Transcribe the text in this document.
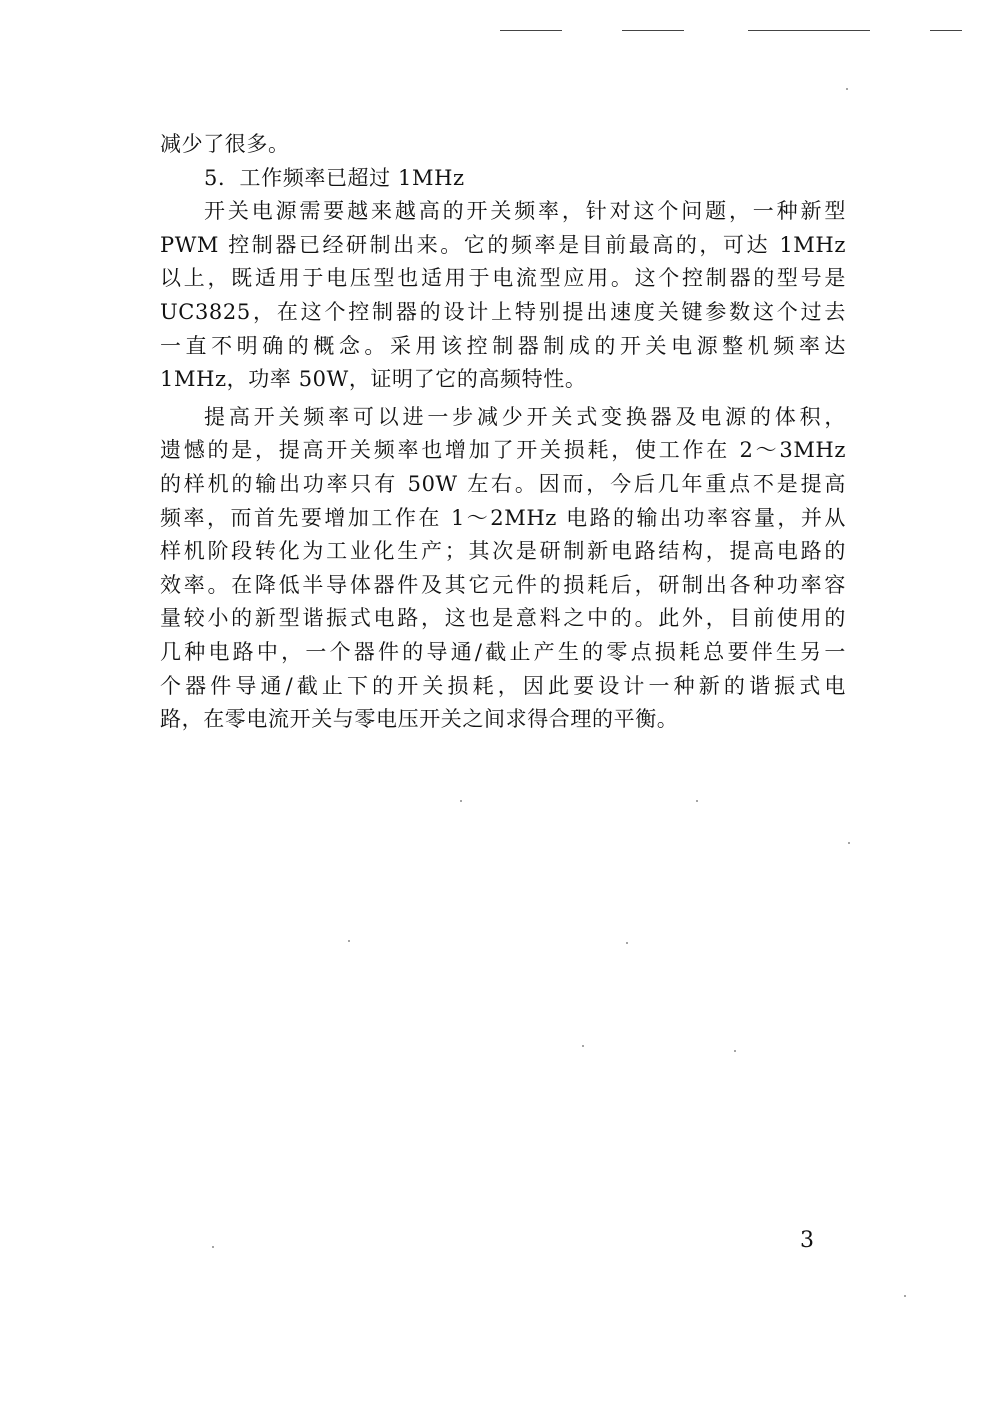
减少了很多。
5．工作频率已超过 1MHz
开关电源需要越来越高的开关频率，针对这个问题，一种新型
PWM 控制器已经研制出来。它的频率是目前最高的，可达 1MHz
以上，既适用于电压型也适用于电流型应用。这个控制器的型号是
UC3825，在这个控制器的设计上特别提出速度关键参数这个过去
一直不明确的概念。采用该控制器制成的开关电源整机频率达
1MHz，功率 50W，证明了它的高频特性。
提高开关频率可以进一步减少开关式变换器及电源的体积，
遗憾的是，提高开关频率也增加了开关损耗，使工作在 2～3MHz
的样机的输出功率只有 50W 左右。因而，今后几年重点不是提高
频率，而首先要增加工作在 1～2MHz 电路的输出功率容量，并从
样机阶段转化为工业化生产；其次是研制新电路结构，提高电路的
效率。在降低半导体器件及其它元件的损耗后，研制出各种功率容
量较小的新型谐振式电路，这也是意料之中的。此外，目前使用的
几种电路中，一个器件的导通/截止产生的零点损耗总要伴生另一
个器件导通/截止下的开关损耗，因此要设计一种新的谐振式电
路，在零电流开关与零电压开关之间求得合理的平衡。
3
